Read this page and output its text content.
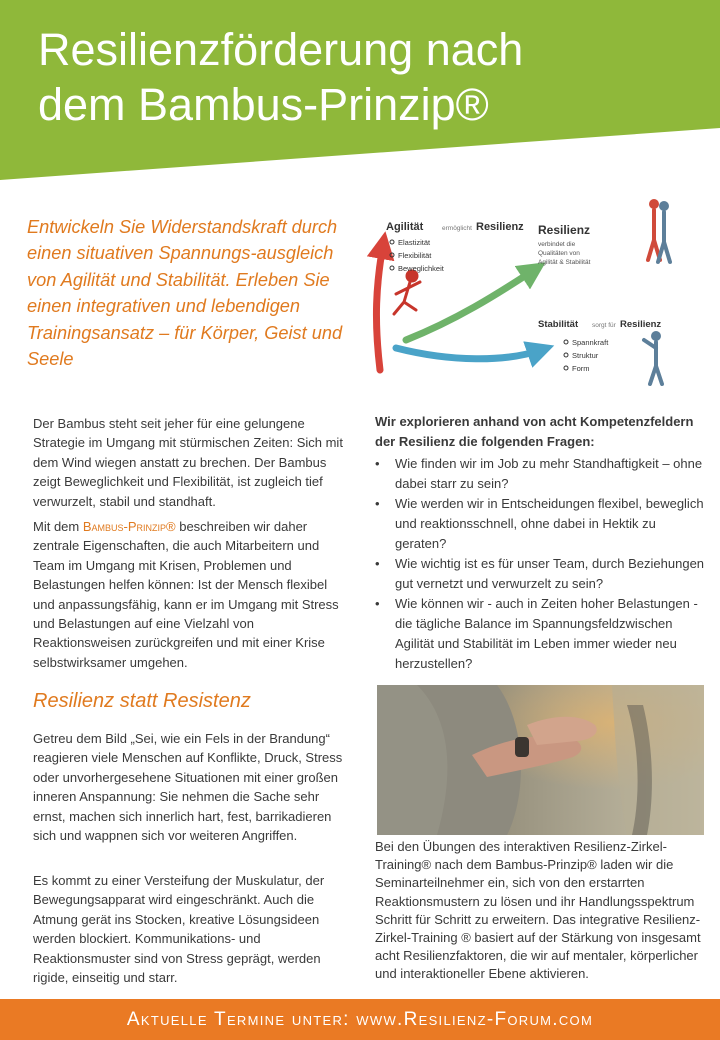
Resilienzförderung nach
dem Bambus-Prinzip®

Entwickeln Sie Widerstandskraft durch einen situativen Spannungs-ausgleich von Agilität und Stabilität. Erleben Sie einen integrativen und lebendigen Trainingsansatz – für Körper, Geist und Seele

Agilität	ermöglicht Resilienz
Elastizität
Flexibilität
Beweglichkeit
Resilienz
verbindet die
Qualitäten von
Agilität & Stabilität
Stabilität sorgt für Resilienz
Spannkraft
Struktur
Form

Der Bambus steht seit jeher für eine gelungene Strategie im Umgang mit stürmischen Zeiten: Sich mit dem Wind wiegen anstatt zu brechen. Der Bambus zeigt Beweglichkeit und Flexibilität, ist zugleich tief verwurzelt, stabil und standhaft.

Mit dem Bambus-Prinzip® beschreiben wir daher zentrale Eigenschaften, die auch Mitarbeitern und Team im Umgang mit Krisen, Problemen und Belastungen helfen können: Ist der Mensch flexibel und anpassungsfähig, kann er im Umgang mit Stress und Belastungen auf eine Vielzahl von Reaktionsweisen zurückgreifen und mit einer Krise selbstwirksamer umgehen.

Resilienz statt Resistenz

Getreu dem Bild „Sei, wie ein Fels in der Brandung“ reagieren viele Menschen auf Konflikte, Druck, Stress oder unvorhergesehene Situationen mit einer großen inneren Anspannung: Sie nehmen die Sache sehr ernst, machen sich innerlich hart, fest, barrikadieren sich und wappnen sich vor weiteren Angriffen.

Es kommt zu einer Versteifung der Muskulatur, der Bewegungsapparat wird eingeschränkt. Auch die Atmung gerät ins Stocken, kreative Lösungsideen werden blockiert. Kommunikations- und Reaktionsmuster sind von Stress geprägt, werden rigide, einseitig und starr.

Wir explorieren anhand von acht Kompetenzfeldern der Resilienz die folgenden Fragen:

• Wie finden wir im Job zu mehr Standhaftigkeit – ohne dabei starr zu sein?
• Wie werden wir in Entscheidungen flexibel, beweglich und reaktionsschnell, ohne dabei in Hektik zu geraten?
• Wie wichtig ist es für unser Team, durch Beziehungen gut vernetzt und verwurzelt zu sein?
• Wie können wir - auch in Zeiten hoher Belastungen - die tägliche Balance im Spannungsfeldzwischen Agilität und Stabilität im Leben immer wieder neu herzustellen?

Bei den Übungen des interaktiven Resilienz-Zirkel-Training® nach dem Bambus-Prinzip® laden wir die Seminarteilnehmer ein, sich von den erstarrten Reaktionsmustern zu lösen und ihr Handlungsspektrum Schritt für Schritt zu erweitern. Das integrative Resilienz-Zirkel-Training ® basiert auf der Stärkung von insgesamt acht Resilienzfaktoren, die wir auf mentaler, körperlicher und interaktioneller Ebene aktivieren.

Aktuelle Termine unter: www.Resilienz-Forum.com
